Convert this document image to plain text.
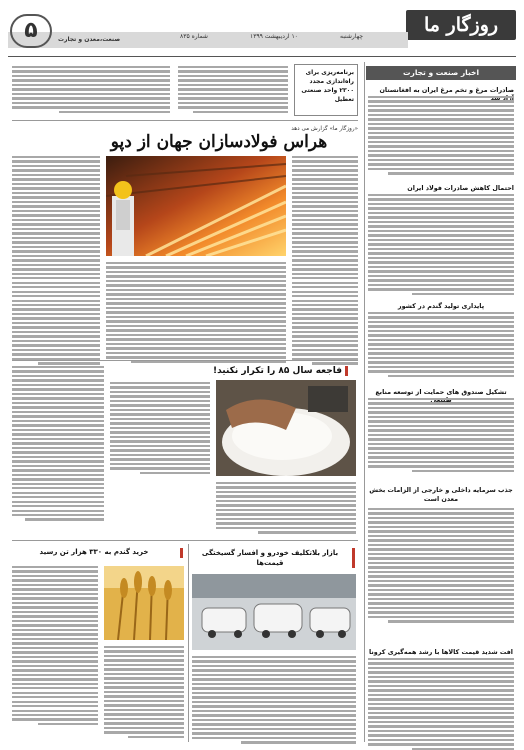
روزگار ما
چهارشنبه
۱۰ اردیبهشت ۱۳۹۹
شماره ۸۳۵
۵	صنعت،معدن و تجارت
اخبار صنعت و تجارت
صادرات مرغ و تخم مرغ ایران به افغانستان
احتمال کاهش صادرات فولاد ایران
پایداری تولید گندم در کشور
تشکیل صندوق های حمایت از توسعه منابع
جذب سرمایه داخلی و خارجی از الزامات بخش معدن است
افت شدید قیمت کالاها با رشد همه‌گیری کرونا
برنامه‌ریزی برای راه‌اندازی مجدد ۲۳۰۰ واحد صنعتی تعطیل
«روزگار ما» گزارش می دهد
هراس فولادسازان جهان از دپو
فاجعه سال ۸۵ را تکرار نکنید!
بازار بلاتکلیف خودرو و افسار گسیختگی قیمت‌ها
خرید گندم به ۳۳۰ هزار تن رسید
